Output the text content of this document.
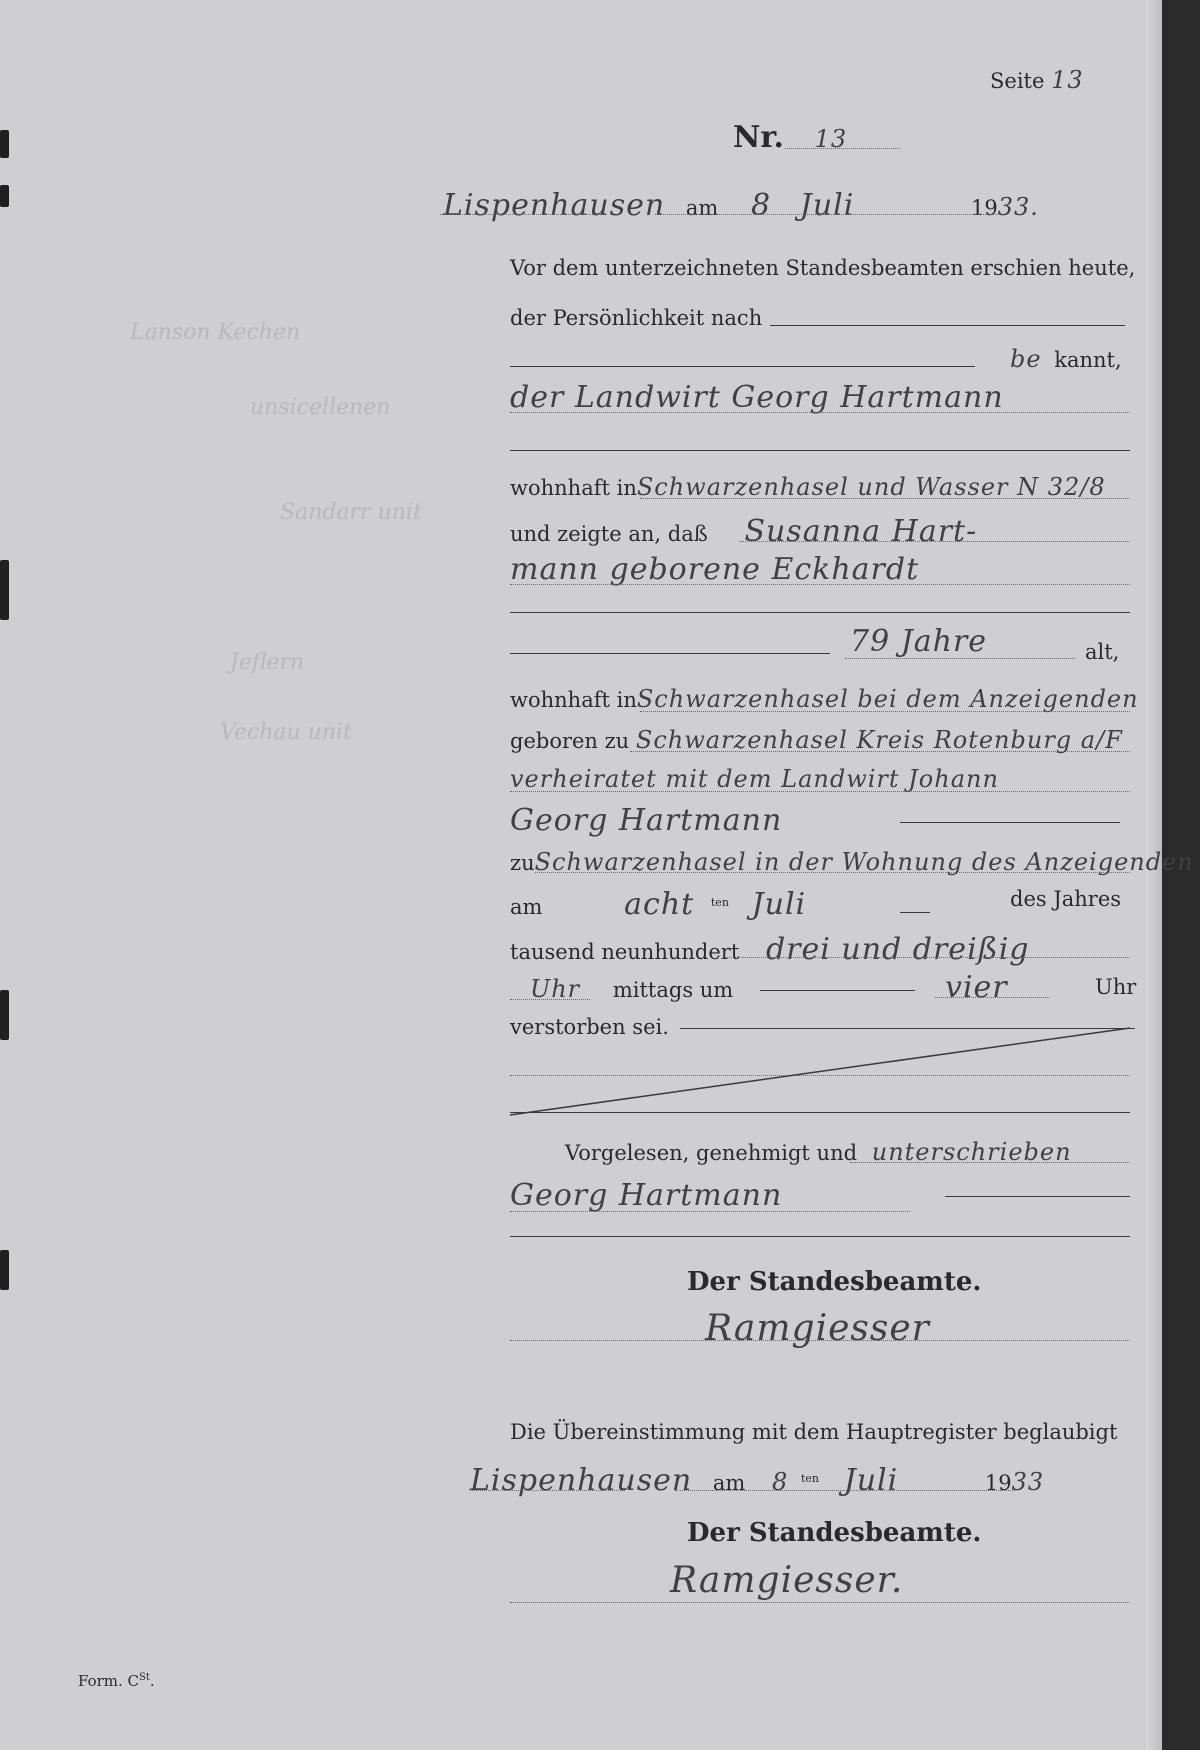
Lanson Kechen
unsicellenen
Sandarr unit
Jeflern
Vechau unit
Seite 13
Nr. 13
Lispenhausen am 8 Juli	1933.
Vor dem unterzeichneten Standesbeamten erschien heute,
der Persönlichkeit nach
be kannt,
der Landwirt Georg Hartmann
wohnhaft inSchwarzenhasel und Wasser N 32/8
und zeigte an, daß Susanna Hart-
mann geborene Eckhardt
79 Jahre	alt,
wohnhaft inSchwarzenhasel bei dem Anzeigenden
geboren zu Schwarzenhasel Kreis Rotenburg a/F
verheiratet mit dem Landwirt Johann
Georg Hartmann
zuSchwarzenhasel in der Wohnung des Anzeigenden
am	acht $^{ten}$ Juli	des Jahres
tausend neunhundert drei und dreißig
Uhr mittags um	vier	Uhr
verstorben sei.
Vorgelesen, genehmigt und unterschrieben
Georg Hartmann
Der Standesbeamte.
Ramgiesser
Die Übereinstimmung mit dem Hauptregister beglaubigt
Lispenhausen am 8 $^{ten}$ Juli	1933
Der Standesbeamte.
Ramgiesser.
Form. CSt.
